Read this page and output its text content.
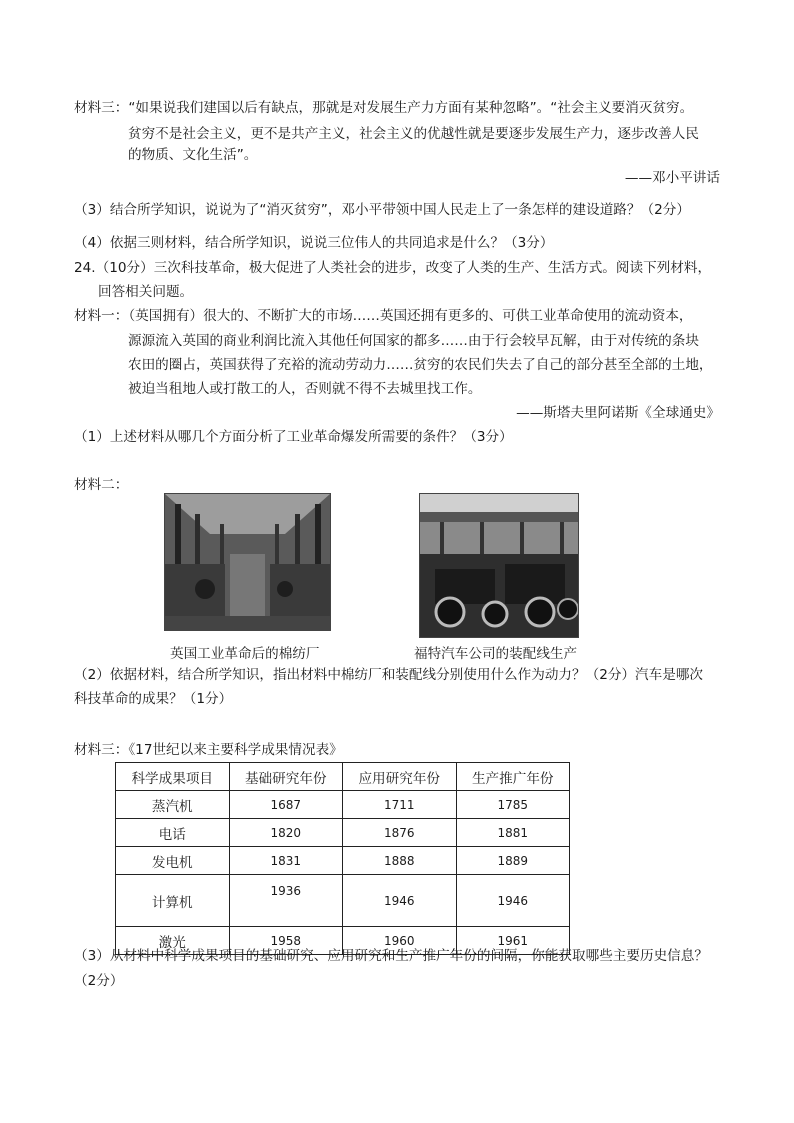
材料三：“如果说我们建国以后有缺点，那就是对发展生产力方面有某种忽略”。“社会主义要消灭贫穷。
贫穷不是社会主义，更不是共产主义，社会主义的优越性就是要逐步发展生产力，逐步改善人民
的物质、文化生活”。
——邓小平讲话
（3）结合所学知识，说说为了“消灭贫穷”，邓小平带领中国人民走上了一条怎样的建设道路？（2分）
（4）依据三则材料，结合所学知识，说说三位伟人的共同追求是什么？（3分）
24.（10分）三次科技革命，极大促进了人类社会的进步，改变了人类的生产、生活方式。阅读下列材料，
回答相关问题。
材料一：（英国拥有）很大的、不断扩大的市场……英国还拥有更多的、可供工业革命使用的流动资本，
源源流入英国的商业利润比流入其他任何国家的都多……由于行会较早瓦解，由于对传统的条块
农田的圈占，英国获得了充裕的流动劳动力……贫穷的农民们失去了自己的部分甚至全部的土地，
被迫当租地人或打散工的人，否则就不得不去城里找工作。
——斯塔夫里阿诺斯《全球通史》
（1）上述材料从哪几个方面分析了工业革命爆发所需要的条件？（3分）
材料二：
英国工业革命后的棉纺厂	福特汽车公司的装配线生产
（2）依据材料，结合所学知识，指出材料中棉纺厂和装配线分别使用什么作为动力？（2分）汽车是哪次
科技革命的成果？（1分）
材料三：《17世纪以来主要科学成果情况表》
科学成果项目	基础研究年份	应用研究年份	生产推广年份
蒸汽机	1687	1711	1785
电话	1820	1876	1881
发电机	1831	1888	1889
计算机	1936	1946	1946
激光	1958	1960	1961
（3）从材料中科学成果项目的基础研究、应用研究和生产推广年份的间隔，你能获取哪些主要历史信息？
（2分）
